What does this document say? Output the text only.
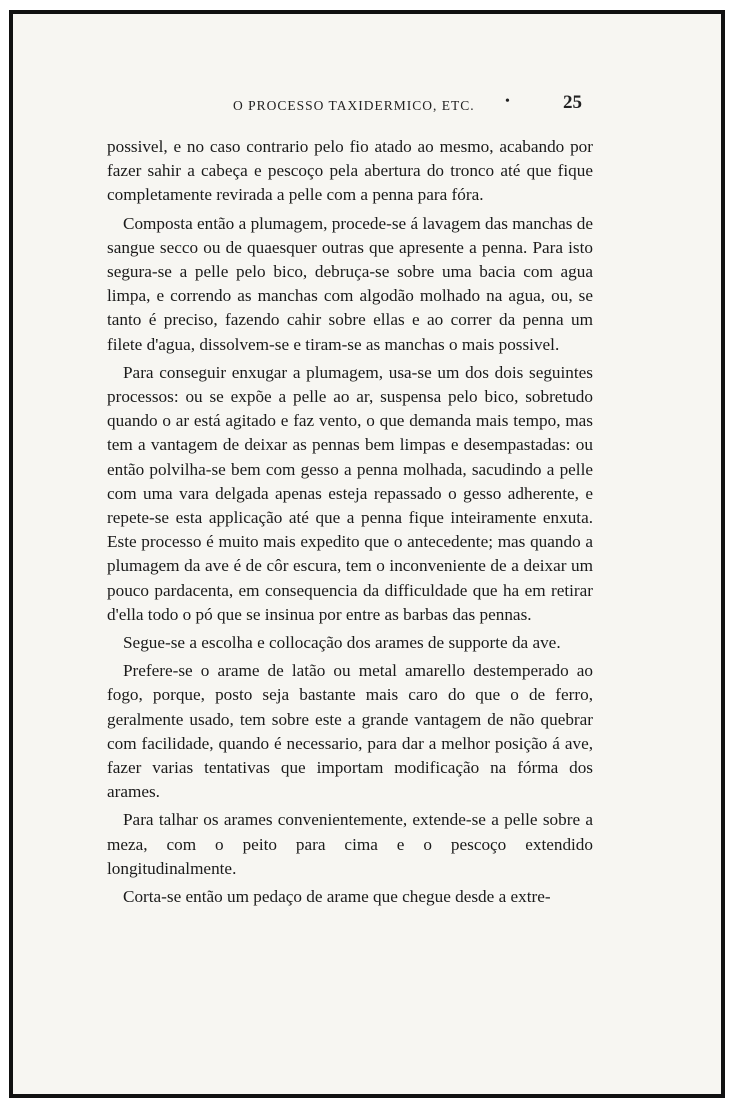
O PROCESSO TAXIDERMICO, ETC. •	25

possivel, e no caso contrario pelo fio atado ao mesmo, acabando por fazer sahir a cabeça e pescoço pela abertura do tronco até que fique completamente revirada a pelle com a penna para fóra.

Composta então a plumagem, procede-se á lavagem das manchas de sangue secco ou de quaesquer outras que apresente a penna. Para isto segura-se a pelle pelo bico, debruça-se sobre uma bacia com agua limpa, e correndo as manchas com algodão molhado na agua, ou, se tanto é preciso, fazendo cahir sobre ellas e ao correr da penna um filete d'agua, dissolvem-se e tiram-se as manchas o mais possivel.

Para conseguir enxugar a plumagem, usa-se um dos dois seguintes processos: ou se expõe a pelle ao ar, suspensa pelo bico, sobretudo quando o ar está agitado e faz vento, o que demanda mais tempo, mas tem a vantagem de deixar as pennas bem limpas e desempastadas: ou então polvilha-se bem com gesso a penna molhada, sacudindo a pelle com uma vara delgada apenas esteja repassado o gesso adherente, e repete-se esta applicação até que a penna fique inteiramente enxuta. Este processo é muito mais expedito que o antecedente; mas quando a plumagem da ave é de côr escura, tem o inconveniente de a deixar um pouco pardacenta, em consequencia da difficuldade que ha em retirar d'ella todo o pó que se insinua por entre as barbas das pennas.

Segue-se a escolha e collocação dos arames de supporte da ave.

Prefere-se o arame de latão ou metal amarello destemperado ao fogo, porque, posto seja bastante mais caro do que o de ferro, geralmente usado, tem sobre este a grande vantagem de não quebrar com facilidade, quando é necessario, para dar a melhor posição á ave, fazer varias tentativas que importam modificação na fórma dos arames.

Para talhar os arames convenientemente, extende-se a pelle sobre a meza, com o peito para cima e o pescoço extendido longitudinalmente.

Corta-se então um pedaço de arame que chegue desde a extre-
